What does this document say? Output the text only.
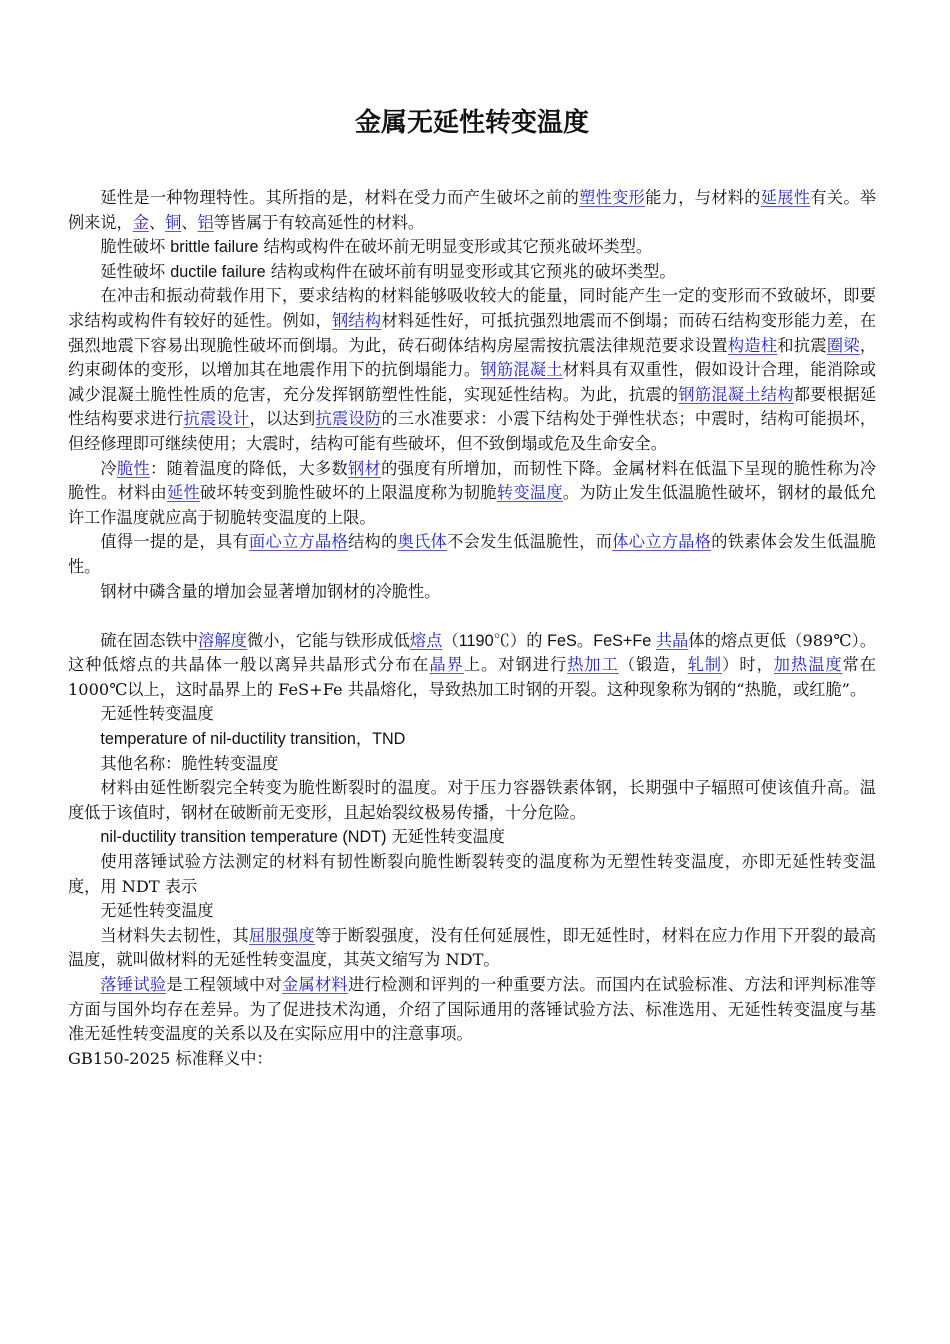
金属无延性转变温度

延性是一种物理特性。其所指的是，材料在受力而产生破坏之前的塑性变形能力，与材料的延展性有关。举例来说，金、铜、铝等皆属于有较高延性的材料。

脆性破坏 brittle failure 结构或构件在破坏前无明显变形或其它预兆破坏类型。

延性破坏 ductile failure 结构或构件在破坏前有明显变形或其它预兆的破坏类型。

在冲击和振动荷载作用下，要求结构的材料能够吸收较大的能量，同时能产生一定的变形而不致破坏，即要求结构或构件有较好的延性。例如，钢结构材料延性好，可抵抗强烈地震而不倒塌；而砖石结构变形能力差，在强烈地震下容易出现脆性破坏而倒塌。为此，砖石砌体结构房屋需按抗震法律规范要求设置构造柱和抗震圈梁，约束砌体的变形，以增加其在地震作用下的抗倒塌能力。钢筋混凝土材料具有双重性，假如设计合理，能消除或减少混凝土脆性性质的危害，充分发挥钢筋塑性性能，实现延性结构。为此，抗震的钢筋混凝土结构都要根据延性结构要求进行抗震设计，以达到抗震设防的三水准要求：小震下结构处于弹性状态；中震时，结构可能损坏，但经修理即可继续使用；大震时，结构可能有些破坏，但不致倒塌或危及生命安全。

冷脆性：随着温度的降低，大多数钢材的强度有所增加，而韧性下降。金属材料在低温下呈现的脆性称为冷脆性。材料由延性破坏转变到脆性破坏的上限温度称为韧脆转变温度。为防止发生低温脆性破坏，钢材的最低允许工作温度就应高于韧脆转变温度的上限。

值得一提的是，具有面心立方晶格结构的奥氏体不会发生低温脆性，而体心立方晶格的铁素体会发生低温脆性。

钢材中磷含量的增加会显著增加钢材的冷脆性。

硫在固态铁中溶解度微小，它能与铁形成低熔点（1190℃）的 FeS。FeS+Fe 共晶体的熔点更低（989℃）。这种低熔点的共晶体一般以离异共晶形式分布在晶界上。对钢进行热加工（锻造，轧制）时，加热温度常在 1000℃以上，这时晶界上的 FeS+Fe 共晶熔化，导致热加工时钢的开裂。这种现象称为钢的“热脆，或红脆”。

无延性转变温度

temperature of nil-ductility transition，TND

其他名称：脆性转变温度

材料由延性断裂完全转变为脆性断裂时的温度。对于压力容器铁素体钢，长期强中子辐照可使该值升高。温度低于该值时，钢材在破断前无变形，且起始裂纹极易传播，十分危险。

nil-ductility transition temperature (NDT) 无延性转变温度

使用落锤试验方法测定的材料有韧性断裂向脆性断裂转变的温度称为无塑性转变温度，亦即无延性转变温度，用 NDT 表示

无延性转变温度

当材料失去韧性，其屈服强度等于断裂强度，没有任何延展性，即无延性时，材料在应力作用下开裂的最高温度，就叫做材料的无延性转变温度，其英文缩写为 NDT。

落锤试验是工程领域中对金属材料进行检测和评判的一种重要方法。而国内在试验标准、方法和评判标准等方面与国外均存在差异。为了促进技术沟通，介绍了国际通用的落锤试验方法、标准选用、无延性转变温度与基准无延性转变温度的关系以及在实际应用中的注意事项。

GB150-2025 标准释义中：
